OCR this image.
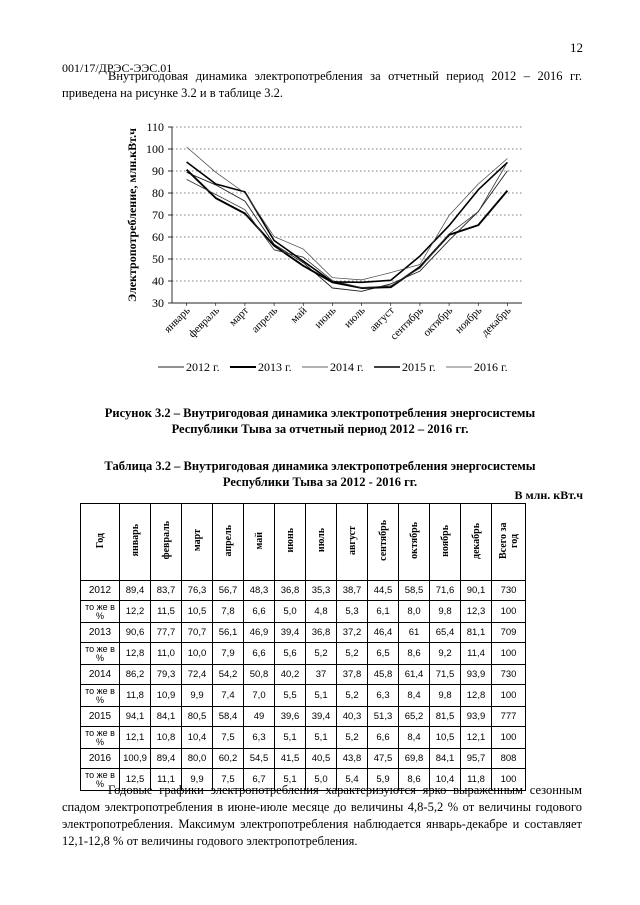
12
001/17/ДРЭС-ЭЭС.01
Внутригодовая динамика электропотребления за отчетный период 2012 – 2016 гг. приведена на рисунке 3.2 и в таблице 3.2.
Электропотребление, млн.кВт.ч
30
40
50
60
70
80
90
100
110
январь
февраль март
апрель май июнь июль август
сентябрь
октябрь
ноябрь
декабрь
2012 г.	2013 г.	2014 г.	2015 г.	2016 г.
Рисунок 3.2 – Внутригодовая динамика электропотребления энергосистемы Республики Тыва за отчетный период 2012 – 2016 гг.
Таблица 3.2 – Внутригодовая динамика электропотребления энергосистемы Республики Тыва за 2012 - 2016 гг.
В млн. кВт.ч
Год	январь	февраль	март	апрель	май	июнь	июль	август	сентябрь	октябрь	ноябрь	декабрь	Всего за год
2012	89,4	83,7	76,3	56,7	48,3	36,8	35,3	38,7	44,5	58,5	71,6	90,1	730
то же в %	12,2	11,5	10,5	7,8	6,6	5,0	4,8	5,3	6,1	8,0	9,8	12,3	100
2013	90,6	77,7	70,7	56,1	46,9	39,4	36,8	37,2	46,4	61	65,4	81,1	709
то же в %	12,8	11,0	10,0	7,9	6,6	5,6	5,2	5,2	6,5	8,6	9,2	11,4	100
2014	86,2	79,3	72,4	54,2	50,8	40,2	37	37,8	45,8	61,4	71,5	93,9	730
то же в %	11,8	10,9	9,9	7,4	7,0	5,5	5,1	5,2	6,3	8,4	9,8	12,8	100
2015	94,1	84,1	80,5	58,4	49	39,6	39,4	40,3	51,3	65,2	81,5	93,9	777
то же в %	12,1	10,8	10,4	7,5	6,3	5,1	5,1	5,2	6,6	8,4	10,5	12,1	100
2016	100,9	89,4	80,0	60,2	54,5	41,5	40,5	43,8	47,5	69,8	84,1	95,7	808
то же в %	12,5	11,1	9,9	7,5	6,7	5,1	5,0	5,4	5,9	8,6	10,4	11,8	100
Годовые графики электропотребления характеризуются ярко выраженным сезонным спадом электропотребления в июне-июле месяце до величины 4,8-5,2 % от величины годового электропотребления. Максимум электропотребления наблюдается январь-декабре и составляет 12,1-12,8 % от величины годового электропотребления.
